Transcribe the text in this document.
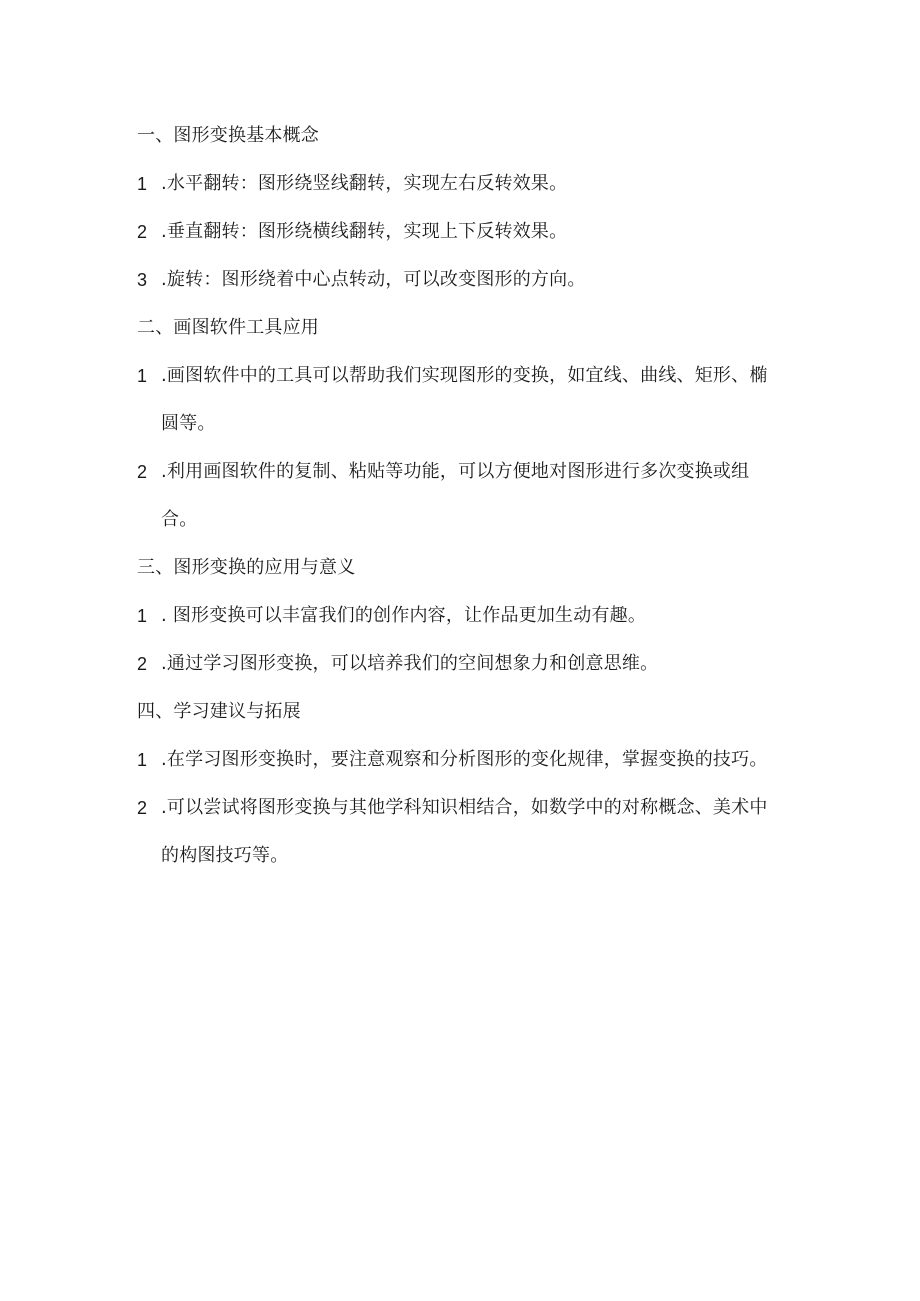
一、图形变换基本概念

1 .水平翻转：图形绕竖线翻转，实现左右反转效果。
2 .垂直翻转：图形绕横线翻转，实现上下反转效果。
3 .旋转：图形绕着中心点转动，可以改变图形的方向。

二、画图软件工具应用

1 .画图软件中的工具可以帮助我们实现图形的变换，如宜线、曲线、矩形、椭圆等。
2 .利用画图软件的复制、粘贴等功能，可以方便地对图形进行多次变换或组合。

三、图形变换的应用与意义

1 . 图形变换可以丰富我们的创作内容，让作品更加生动有趣。
2 .通过学习图形变换，可以培养我们的空间想象力和创意思维。

四、学习建议与拓展

1 .在学习图形变换时，要注意观察和分析图形的变化规律，掌握变换的技巧。
2 .可以尝试将图形变换与其他学科知识相结合，如数学中的对称概念、美术中的构图技巧等。
